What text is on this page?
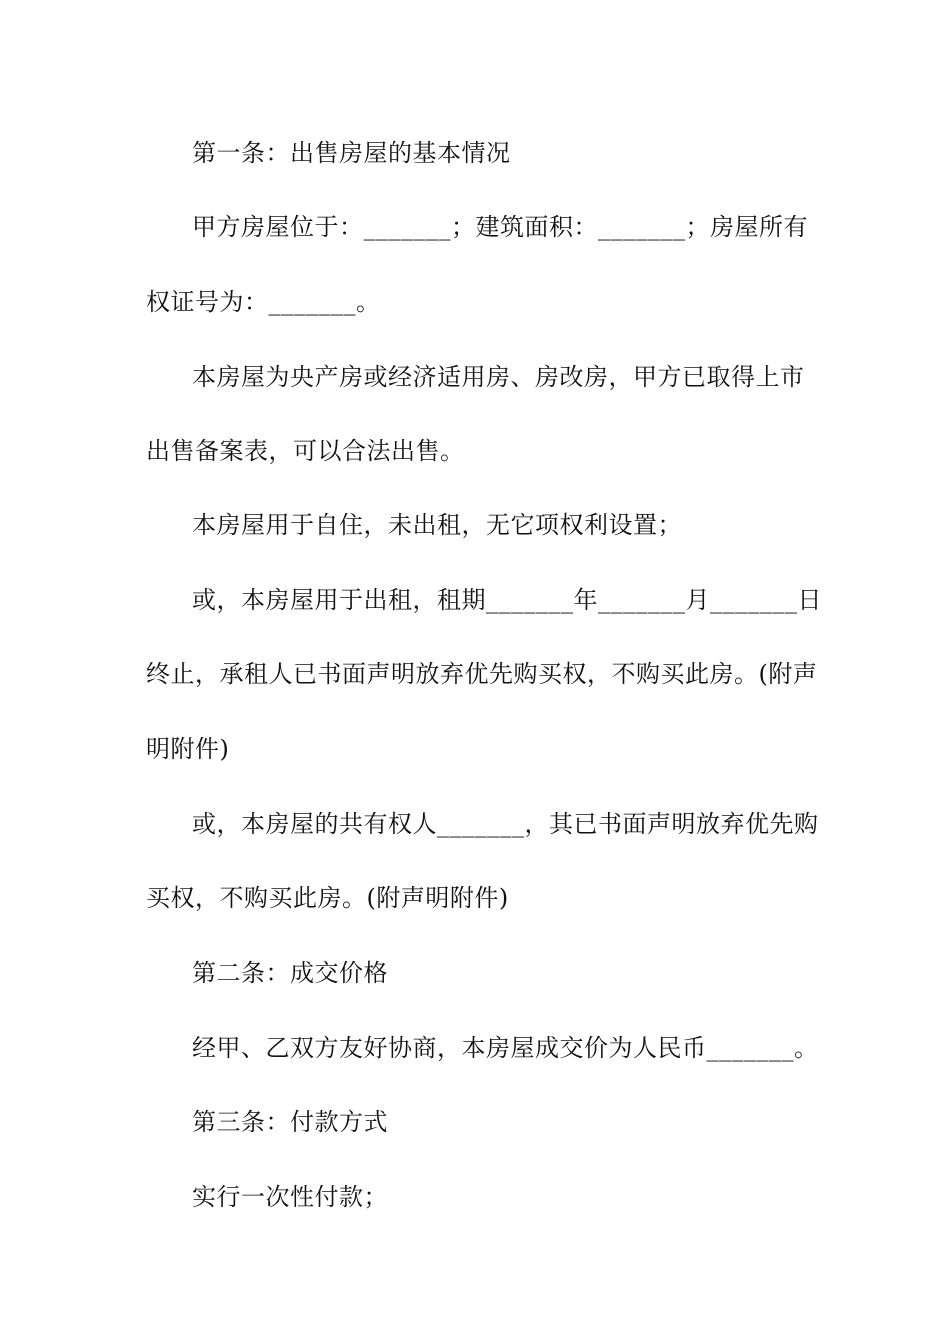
第一条：出售房屋的基本情况
甲方房屋位于：_______；建筑面积：_______；房屋所有
权证号为：_______。
本房屋为央产房或经济适用房、房改房，甲方已取得上市
出售备案表，可以合法出售。
本房屋用于自住，未出租，无它项权利设置；
或，本房屋用于出租，租期_______年_______月_______日
终止，承租人已书面声明放弃优先购买权，不购买此房。(附声
明附件)
或，本房屋的共有权人_______，其已书面声明放弃优先购
买权，不购买此房。(附声明附件)
第二条：成交价格
经甲、乙双方友好协商，本房屋成交价为人民币_______。
第三条：付款方式
实行一次性付款；
